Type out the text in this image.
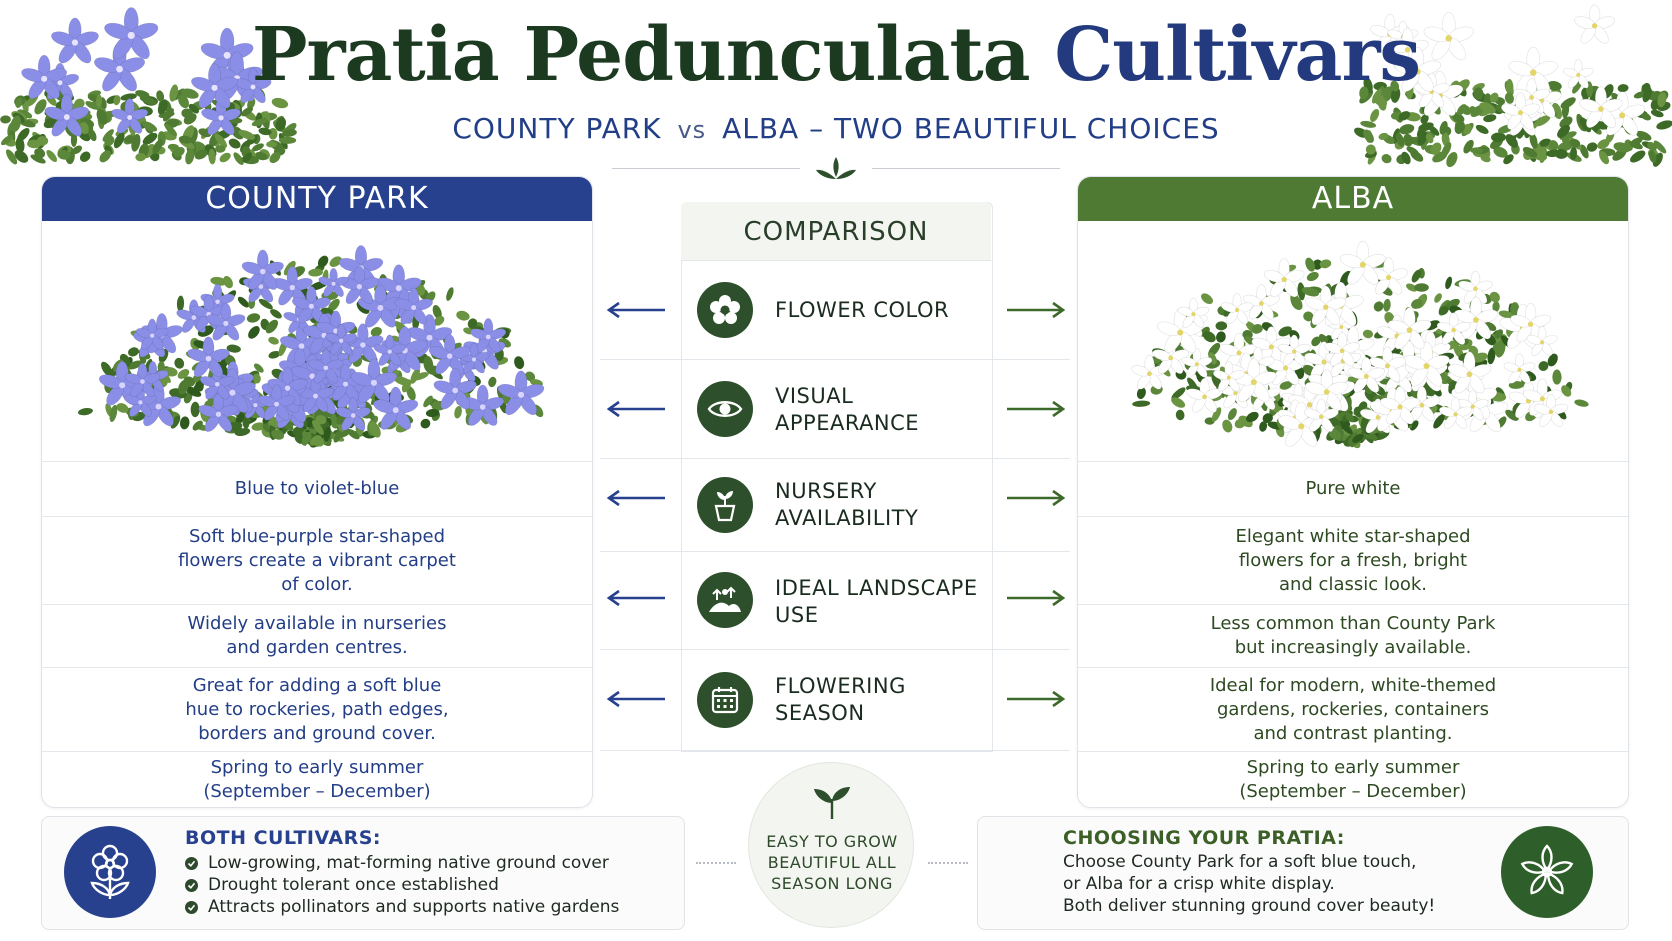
Pratia Pedunculata Cultivars
COUNTY PARK vs ALBA – TWO BEAUTIFUL CHOICES
COUNTY PARK
Blue to violet-blue
Soft blue-purple star-shaped
flowers create a vibrant carpet
of color.
Widely available in nurseries
and garden centres.
Great for adding a soft blue
hue to rockeries, path edges,
borders and ground cover.
Spring to early summer
(September – December)
ALBA
Pure white
Elegant white star-shaped
flowers for a fresh, bright
and classic look.
Less common than County Park
but increasingly available.
Ideal for modern, white-themed
gardens, rockeries, containers
and contrast planting.
Spring to early summer
(September – December)
COMPARISON
FLOWER COLOR
VISUAL
APPEARANCE
NURSERY
AVAILABILITY
IDEAL LANDSCAPE
USE
FLOWERING
SEASON
BOTH CULTIVARS:
Low-growing, mat-forming native ground cover
Drought tolerant once established
Attracts pollinators and supports native gardens
EASY TO GROW
BEAUTIFUL ALL
SEASON LONG
CHOOSING YOUR PRATIA:
Choose County Park for a soft blue touch,
or Alba for a crisp white display.
Both deliver stunning ground cover beauty!
